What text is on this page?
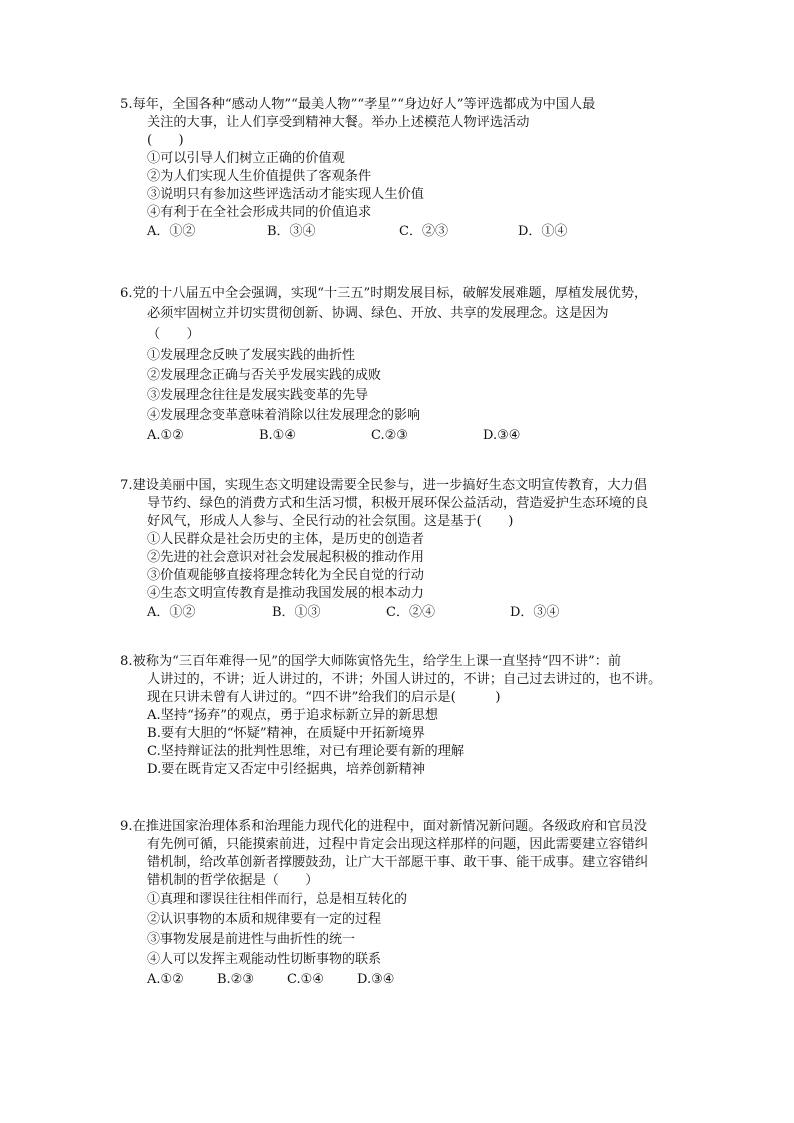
5.每年，全国各种“感动人物”“最美人物”“孝星”“身边好人”等评选都成为中国人最
关注的大事，让人们享受到精神大餐。举办上述模范人物评选活动
(　　)
①可以引导人们树立正确的价值观
②为人们实现人生价值提供了客观条件
③说明只有参加这些评选活动才能实现人生价值
④有利于在全社会形成共同的价值追求
A．①②	B．③④	C．②③	D．①④
6.党的十八届五中全会强调，实现“十三五”时期发展目标，破解发展难题，厚植发展优势，
必须牢固树立并切实贯彻创新、协调、绿色、开放、共享的发展理念。这是因为
（　　）
①发展理念反映了发展实践的曲折性
②发展理念正确与否关乎发展实践的成败
③发展理念往往是发展实践变革的先导
④发展理念变革意味着消除以往发展理念的影响
A.①②	B.①④	C.②③	D.③④
7.建设美丽中国，实现生态文明建设需要全民参与，进一步搞好生态文明宣传教育，大力倡
导节约、绿色的消费方式和生活习惯，积极开展环保公益活动，营造爱护生态环境的良
好风气，形成人人参与、全民行动的社会氛围。这是基于(　　)
①人民群众是社会历史的主体，是历史的创造者
②先进的社会意识对社会发展起积极的推动作用
③价值观能够直接将理念转化为全民自觉的行动
④生态文明宣传教育是推动我国发展的根本动力
A．①②	B．①③	C．②④	D．③④
8.被称为“三百年难得一见”的国学大师陈寅恪先生，给学生上课一直坚持“四不讲”：前
人讲过的，不讲；近人讲过的，不讲；外国人讲过的，不讲；自己过去讲过的，也不讲。
现在只讲未曾有人讲过的。“四不讲”给我们的启示是(　　　)
A.坚持“扬弃”的观点，勇于追求标新立异的新思想
B.要有大胆的“怀疑”精神，在质疑中开拓新境界
C.坚持辩证法的批判性思维，对已有理论要有新的理解
D.要在既肯定又否定中引经据典，培养创新精神
9.在推进国家治理体系和治理能力现代化的进程中，面对新情况新问题。各级政府和官员没
有先例可循，只能摸索前进，过程中肯定会出现这样那样的问题，因此需要建立容错纠
错机制，给改革创新者撑腰鼓劲，让广大干部愿干事、敢干事、能干成事。建立容错纠
错机制的哲学依据是（　　）
①真理和谬误往往相伴而行，总是相互转化的
②认识事物的本质和规律要有一定的过程
③事物发展是前进性与曲折性的统一
④人可以发挥主观能动性切断事物的联系
A.①②	B.②③	C.①④	D.③④
